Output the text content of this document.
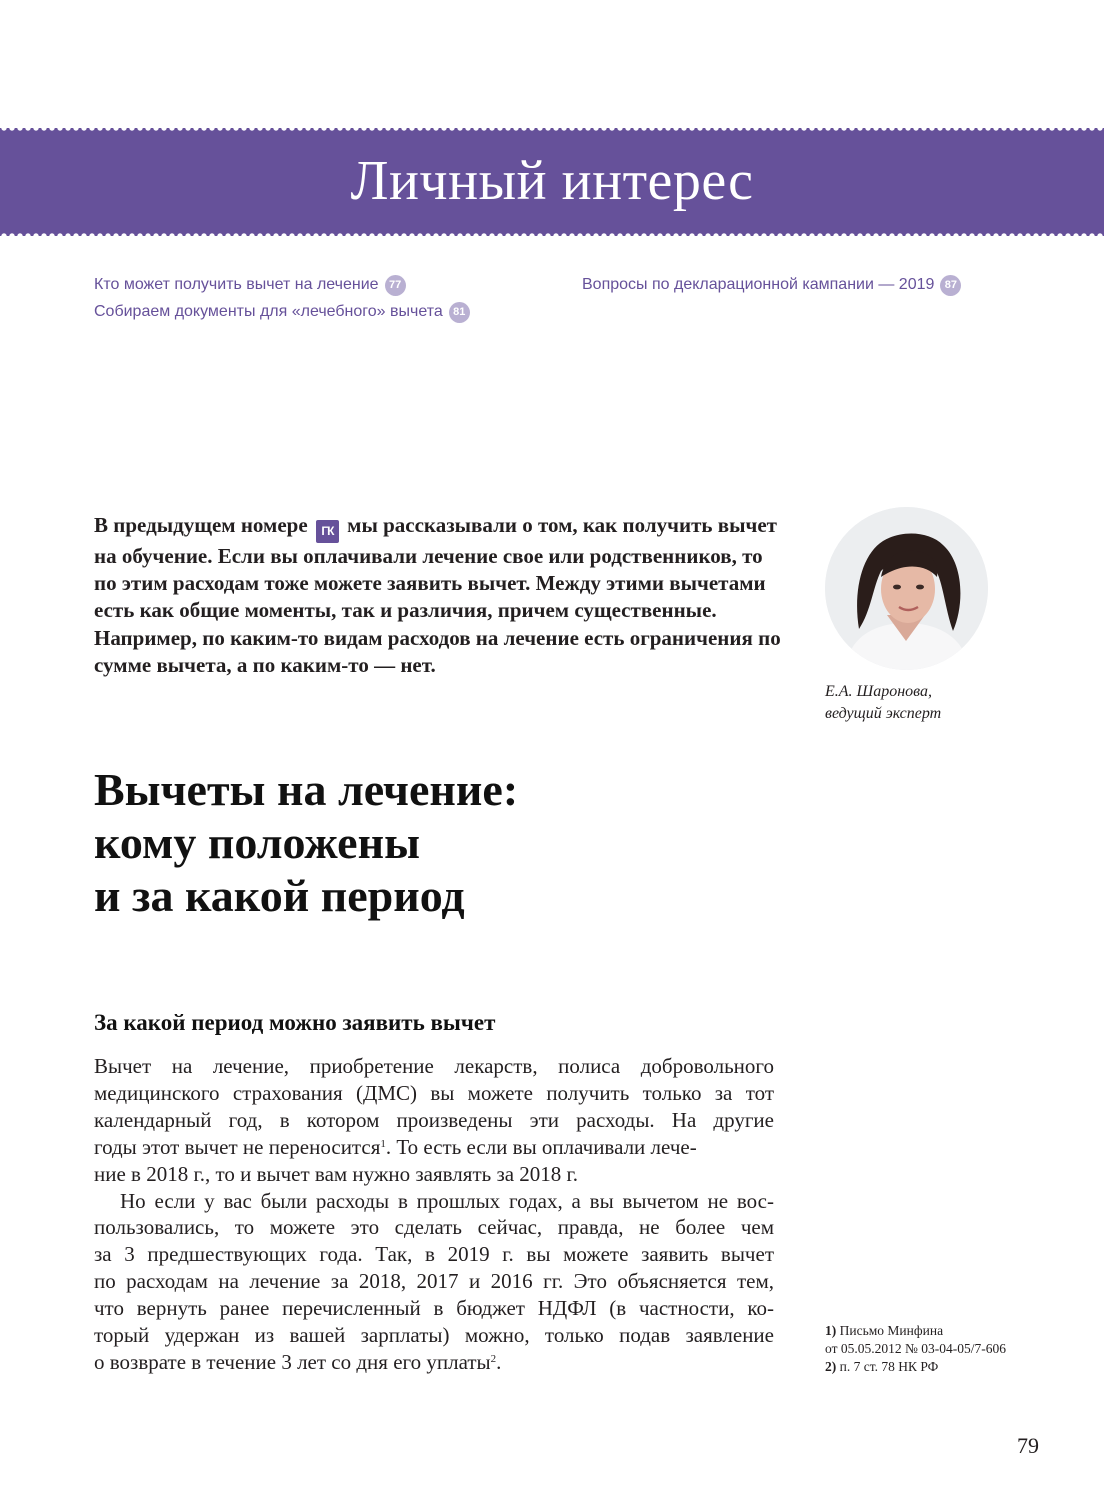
Личный интерес
Кто может получить вычет на лечение 77
Собираем документы для «лечебного» вычета 81
Вопросы по декларационной кампании — 2019 87

В предыдущем номере ГК мы рассказывали о том, как получить вычет на обучение. Если вы оплачивали лечение свое или родственников, то по этим расходам тоже можете заявить вычет. Между этими вычетами есть как общие моменты, так и различия, причем существенные. Например, по каким-то видам расходов на лечение есть ограничения по сумме вычета, а по каким-то — нет.

Е.А. Шаронова,
ведущий эксперт
Вычеты на лечение:
кому положены
и за какой период
За какой период можно заявить вычет
Вычет на лечение, приобретение лекарств, полиса добровольного
медицинского страхования (ДМС) вы можете получить только за тот
календарный год, в котором произведены эти расходы. На другие
годы этот вычет не переносится$^1$. То есть если вы оплачивали лече-
ние в 2018 г., то и вычет вам нужно заявлять за 2018 г.
Но если у вас были расходы в прошлых годах, а вы вычетом не вос-
пользовались, то можете это сделать сейчас, правда, не более чем
за 3 предшествующих года. Так, в 2019 г. вы можете заявить вычет
по расходам на лечение за 2018, 2017 и 2016 гг. Это объясняется тем,
что вернуть ранее перечисленный в бюджет НДФЛ (в частности, ко-
торый удержан из вашей зарплаты) можно, только подав заявление
о возврате в течение 3 лет со дня его уплаты$^2$.
1) Письмо Минфина
от 05.05.2012 № 03-04-05/7-606
2) п. 7 ст. 78 НК РФ
79
